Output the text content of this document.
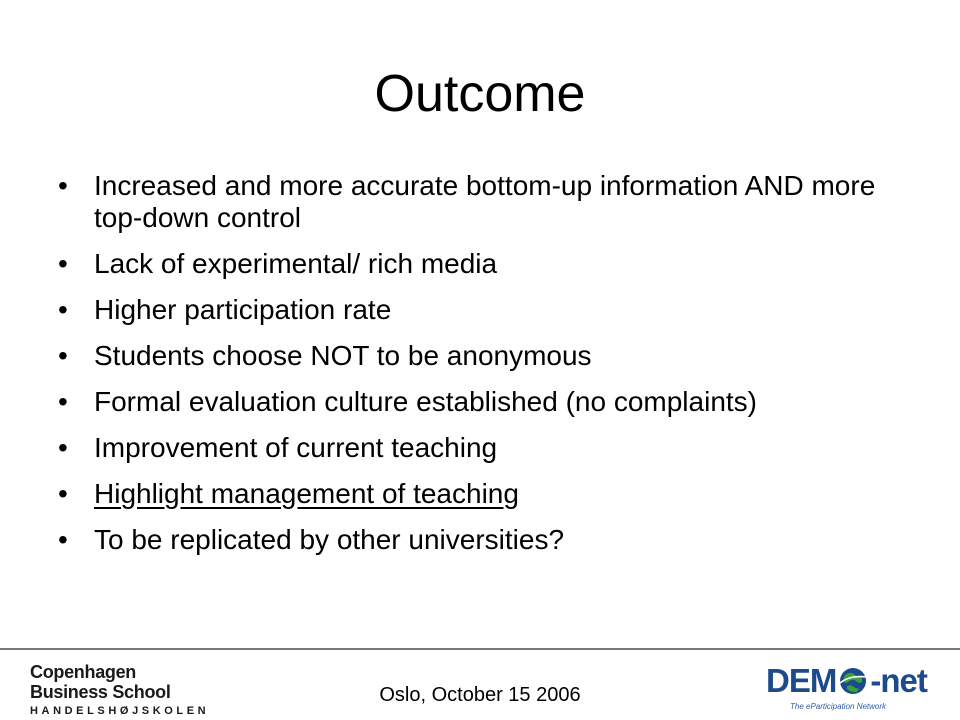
Outcome
• Increased and more accurate bottom-up information AND more top-down control
• Lack of experimental/ rich media
• Higher participation rate
• Students choose NOT to be anonymous
• Formal evaluation culture established (no complaints)
• Improvement of current teaching
• Highlight management of teaching
• To be replicated by other universities?
Copenhagen
Business School
HANDELSHØJSKOLEN
Oslo, October 15 2006	DEM -net
The eParticipation Network
